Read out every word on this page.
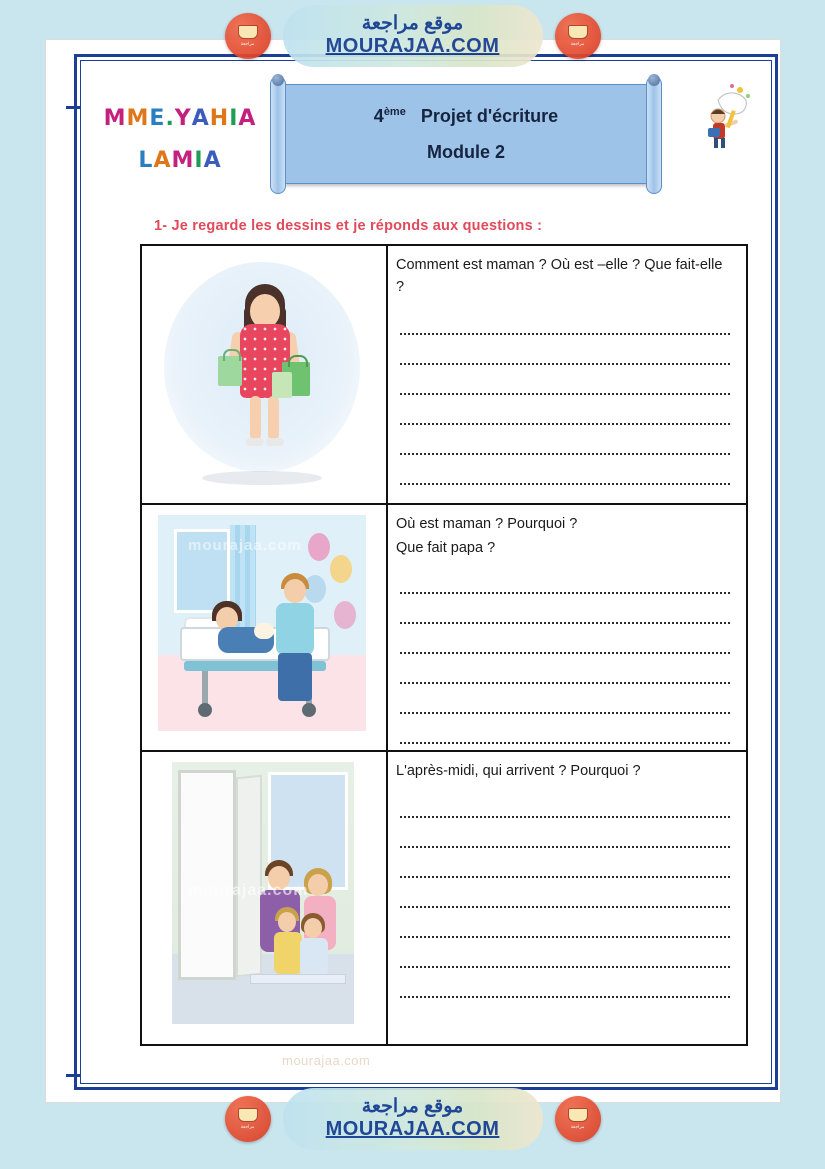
مراجعة
موقع مراجعة
MOURAJAA.COM	مراجعة
MME.YAHIA
LAMIA
4ème Projet d'écriture
Module 2
1- Je regarde les dessins et je réponds aux questions :
Comment est maman ? Où est –elle ? Que fait-elle ?
mourajaa.com
Où est maman ? Pourquoi ?
Que fait papa ?
mourajaa.com
L'après-midi, qui arrivent ? Pourquoi ?
mourajaa.com
مراجعة
موقع مراجعة
MOURAJAA.COM	مراجعة
